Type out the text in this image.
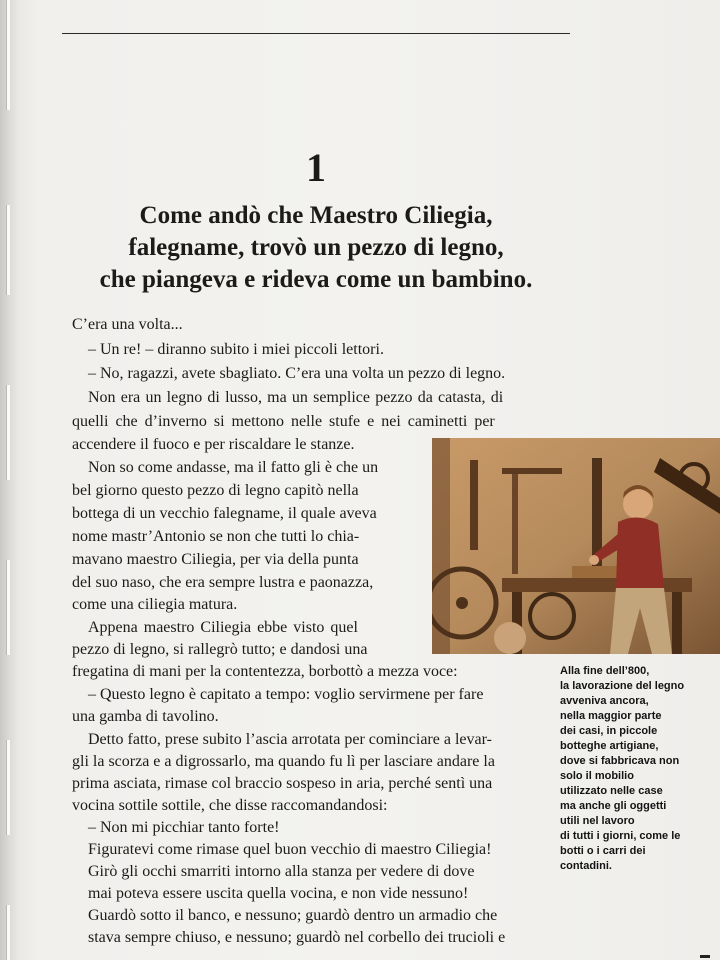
1
Come andò che Maestro Ciliegia,
falegname, trovò un pezzo di legno,
che piangeva e rideva come un bambino.
C’era una volta...
– Un re! – diranno subito i miei piccoli lettori.
– No, ragazzi, avete sbagliato. C’era una volta un pezzo di legno.
Non era un legno di lusso, ma un semplice pezzo da catasta, di
quelli che d’inverno si mettono nelle stufe e nei caminetti per
accendere il fuoco e per riscaldare le stanze.
Non so come andasse, ma il fatto gli è che un
bel giorno questo pezzo di legno capitò nella
bottega di un vecchio falegname, il quale aveva
nome mastr’Antonio se non che tutti lo chia-
mavano maestro Ciliegia, per via della punta
del suo naso, che era sempre lustra e paonazza,
come una ciliegia matura.
Appena maestro Ciliegia ebbe visto quel
pezzo di legno, si rallegrò tutto; e dandosi una
fregatina di mani per la contentezza, borbottò a mezza voce:
– Questo legno è capitato a tempo: voglio servirmene per fare
una gamba di tavolino.
Detto fatto, prese subito l’ascia arrotata per cominciare a levar-
gli la scorza e a digrossarlo, ma quando fu lì per lasciare andare la
prima asciata, rimase col braccio sospeso in aria, perché sentì una
vocina sottile sottile, che disse raccomandandosi:
– Non mi picchiar tanto forte!
Figuratevi come rimase quel buon vecchio di maestro Ciliegia!
Girò gli occhi smarriti intorno alla stanza per vedere di dove
mai poteva essere uscita quella vocina, e non vide nessuno!
Guardò sotto il banco, e nessuno; guardò dentro un armadio che
stava sempre chiuso, e nessuno; guardò nel corbello dei trucioli e
Alla fine dell’800,
la lavorazione del legno
avveniva ancora,
nella maggior parte
dei casi, in piccole
botteghe artigiane,
dove si fabbricava non
solo il mobilio
utilizzato nelle case
ma anche gli oggetti
utili nel lavoro
di tutti i giorni, come le
botti o i carri dei
contadini.
